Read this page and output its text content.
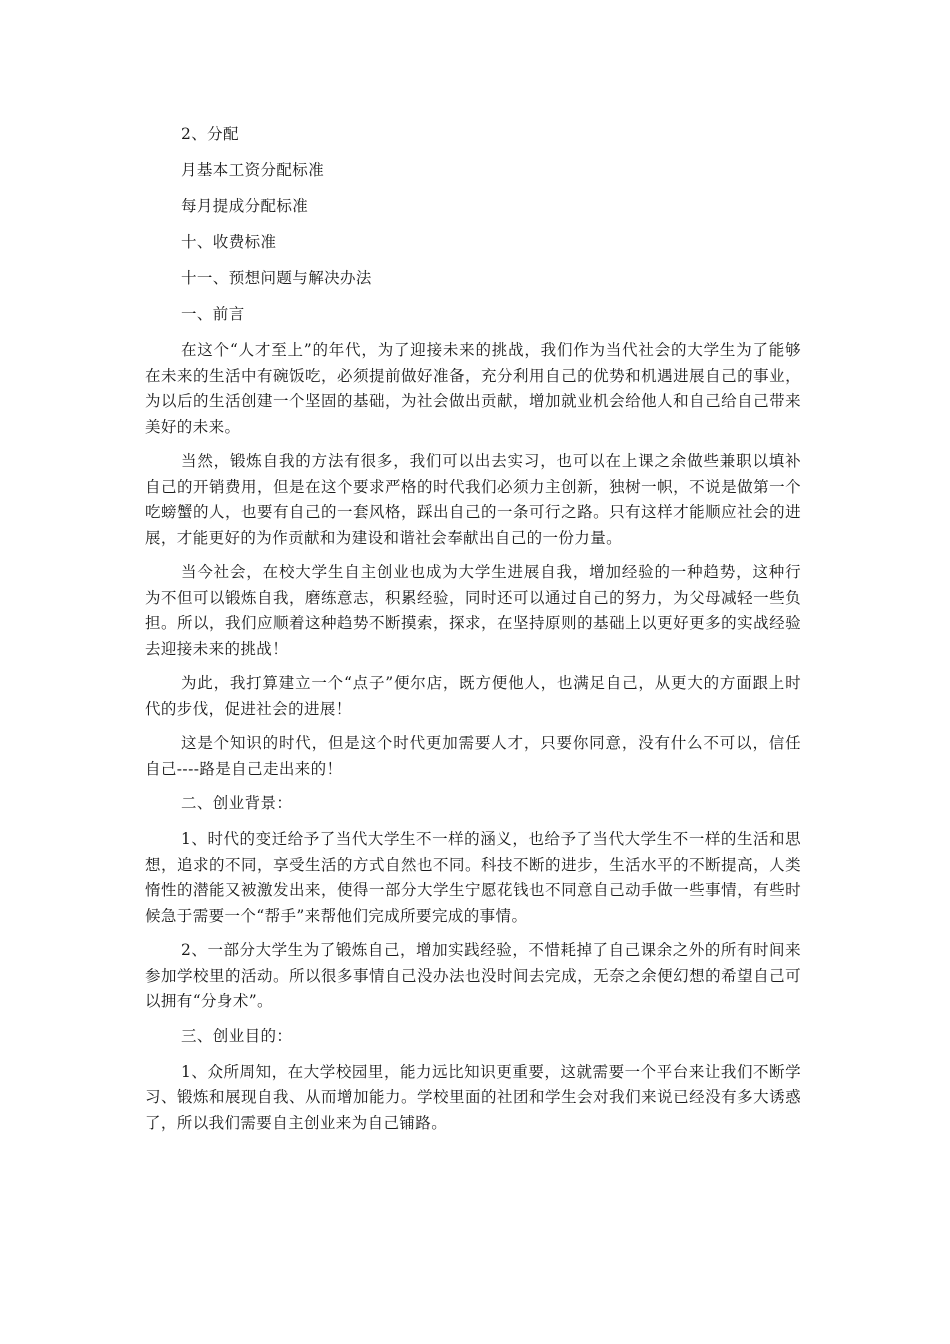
2、分配

月基本工资分配标准

每月提成分配标准

十、收费标准

十一、预想问题与解决办法

一、前言

在这个“人才至上”的年代，为了迎接未来的挑战，我们作为当代社会的大学生为了能够在未来的生活中有碗饭吃，必须提前做好准备，充分利用自己的优势和机遇进展自己的事业，为以后的生活创建一个坚固的基础，为社会做出贡献，增加就业机会给他人和自己给自己带来美好的未来。

当然，锻炼自我的方法有很多，我们可以出去实习，也可以在上课之余做些兼职以填补自己的开销费用，但是在这个要求严格的时代我们必须力主创新，独树一帜，不说是做第一个吃螃蟹的人，也要有自己的一套风格，踩出自己的一条可行之路。只有这样才能顺应社会的进展，才能更好的为作贡献和为建设和谐社会奉献出自己的一份力量。

当今社会，在校大学生自主创业也成为大学生进展自我，增加经验的一种趋势，这种行为不但可以锻炼自我，磨练意志，积累经验，同时还可以通过自己的努力，为父母减轻一些负担。所以，我们应顺着这种趋势不断摸索，探求，在坚持原则的基础上以更好更多的实战经验去迎接未来的挑战！

为此，我打算建立一个“点子”便尔店，既方便他人，也满足自己，从更大的方面跟上时代的步伐，促进社会的进展！

这是个知识的时代，但是这个时代更加需要人才，只要你同意，没有什么不可以，信任自己----路是自己走出来的！

二、创业背景：

1、时代的变迁给予了当代大学生不一样的涵义，也给予了当代大学生不一样的生活和思想，追求的不同，享受生活的方式自然也不同。科技不断的进步，生活水平的不断提高，人类惰性的潜能又被激发出来，使得一部分大学生宁愿花钱也不同意自己动手做一些事情，有些时候急于需要一个“帮手”来帮他们完成所要完成的事情。

2、一部分大学生为了锻炼自己，增加实践经验，不惜耗掉了自己课余之外的所有时间来参加学校里的活动。所以很多事情自己没办法也没时间去完成，无奈之余便幻想的希望自己可以拥有“分身术”。

三、创业目的：

1、众所周知，在大学校园里，能力远比知识更重要，这就需要一个平台来让我们不断学习、锻炼和展现自我、从而增加能力。学校里面的社团和学生会对我们来说已经没有多大诱惑了，所以我们需要自主创业来为自己铺路。
